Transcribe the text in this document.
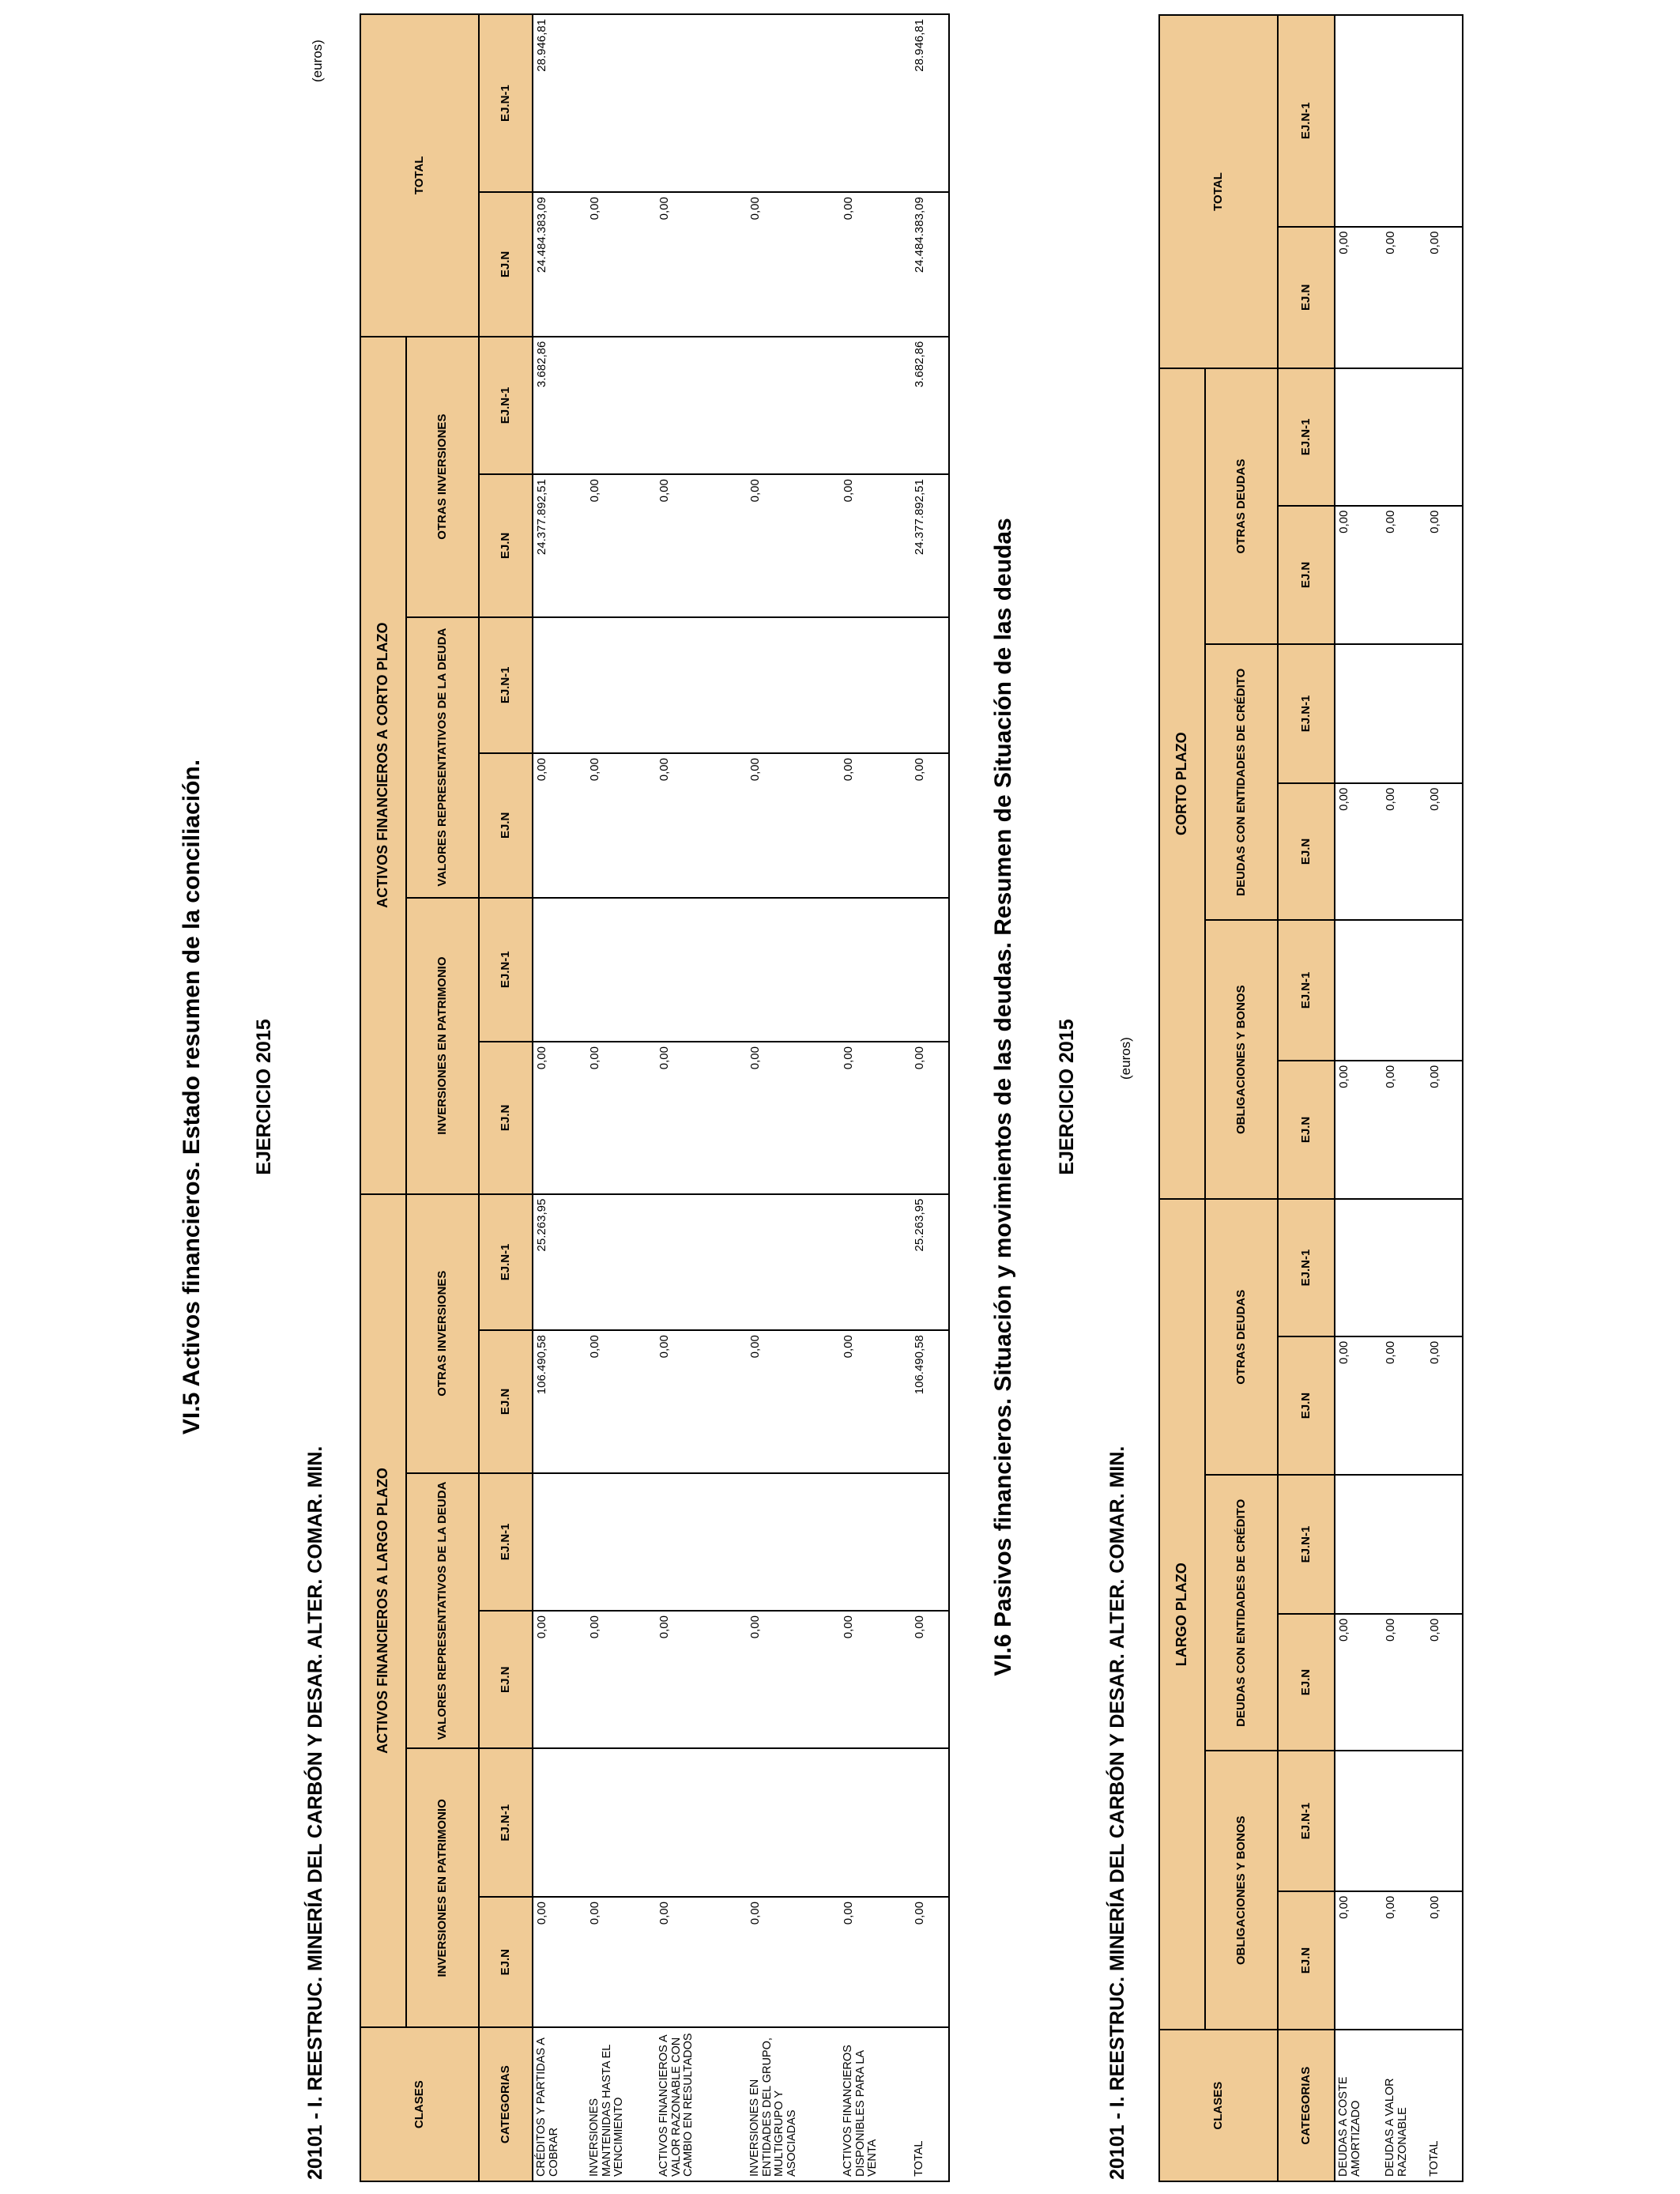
VI.5 Activos financieros. Estado resumen de la conciliación. EJERCICIO 2015
20101 - I. REESTRUC. MINERÍA DEL CARBÓN Y DESAR. ALTER. COMAR. MIN.
(euros)
CLASES	ACTIVOS FINANCIEROS A LARGO PLAZO						ACTIVOS FINANCIEROS A CORTO PLAZO						TOTAL	
	INVERSIONES EN PATRIMONIO		VALORES REPRESENTATIVOS DE LA DEUDA		OTRAS INVERSIONES		INVERSIONES EN PATRIMONIO		VALORES REPRESENTATIVOS DE LA DEUDA		OTRAS INVERSIONES			
CATEGORIAS	EJ.N	EJ.N-1	EJ.N	EJ.N-1	EJ.N	EJ.N-1	EJ.N	EJ.N-1	EJ.N	EJ.N-1	EJ.N	EJ.N-1	EJ.N	EJ.N-1
CRÉDITOS Y PARTIDAS A COBRAR	0,00		0,00		106.490,58	25.263,95	0,00		0,00		24.377.892,51	3.682,86	24.484.383,09	28.946,81
INVERSIONES MANTENIDAS HASTA EL VENCIMIENTO	0,00		0,00		0,00		0,00		0,00		0,00		0,00	
ACTIVOS FINANCIEROS A VALOR RAZONABLE CON CAMBIO EN RESULTADOS	0,00		0,00		0,00		0,00		0,00		0,00		0,00	
INVERSIONES EN ENTIDADES DEL GRUPO, MULTIGRUPO Y ASOCIADAS	0,00		0,00		0,00		0,00		0,00		0,00		0,00	
ACTIVOS FINANCIEROS DISPONIBLES PARA LA VENTA	0,00		0,00		0,00		0,00		0,00		0,00		0,00	
TOTAL	0,00		0,00		106.490,58	25.263,95	0,00		0,00		24.377.892,51	3.682,86	24.484.383,09	28.946,81
VI.6 Pasivos financieros. Situación y movimientos de las deudas. Resumen de Situación de las deudas EJERCICIO 2015
20101 - I. REESTRUC. MINERÍA DEL CARBÓN Y DESAR. ALTER. COMAR. MIN.
(euros)
CLASES	LARGO PLAZO						CORTO PLAZO						TOTAL	
	OBLIGACIONES Y BONOS		DEUDAS CON ENTIDADES DE CRÉDITO		OTRAS DEUDAS		OBLIGACIONES Y BONOS		DEUDAS CON ENTIDADES DE CRÉDITO		OTRAS DEUDAS			
CATEGORIAS	EJ.N	EJ.N-1	EJ.N	EJ.N-1	EJ.N	EJ.N-1	EJ.N	EJ.N-1	EJ.N	EJ.N-1	EJ.N	EJ.N-1	EJ.N	EJ.N-1
DEUDAS A COSTE AMORTIZADO	0,00		0,00		0,00		0,00		0,00		0,00		0,00	
DEUDAS A VALOR RAZONABLE	0,00		0,00		0,00		0,00		0,00		0,00		0,00	
TOTAL	0,00		0,00		0,00		0,00		0,00		0,00		0,00	
